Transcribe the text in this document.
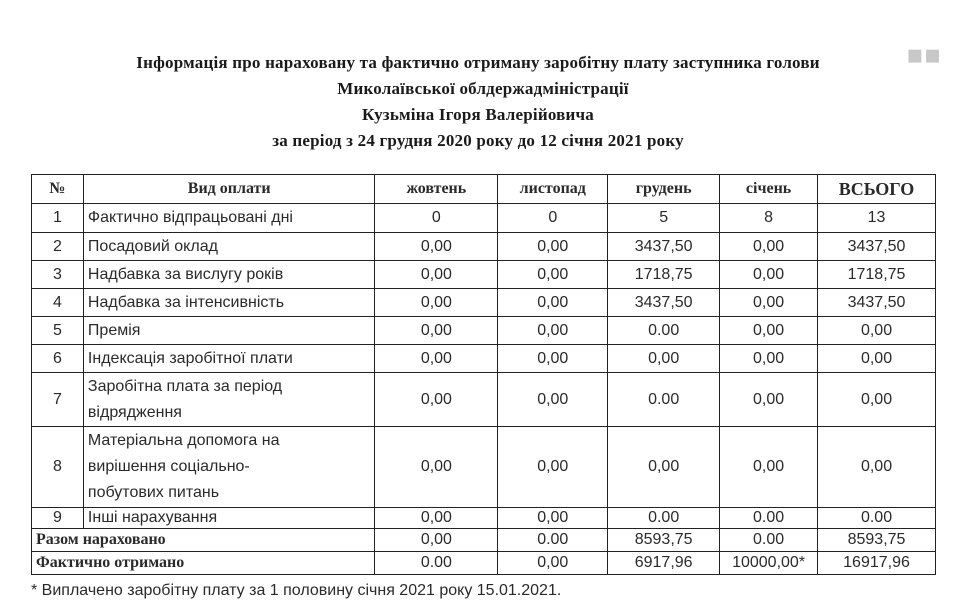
▪▪
Інформація про нараховану та фактично отриману заробітну плату заступника голови
Миколаївської облдержадміністрації
Кузьміна Ігоря Валерійовича
за період з 24 грудня 2020 року до 12 січня 2021 року
№	Вид оплати	жовтень	листопад	грудень	січень	ВСЬОГО
1	Фактично відпрацьовані дні	0	0	5	8	13
2	Посадовий оклад	0,00	0,00	3437,50	0,00	3437,50
3	Надбавка за вислугу років	0,00	0,00	1718,75	0,00	1718,75
4	Надбавка за інтенсивність	0,00	0,00	3437,50	0,00	3437,50
5	Премія	0,00	0,00	0.00	0,00	0,00
6	Індексація заробітної плати	0,00	0,00	0,00	0,00	0,00
7	Заробітна плата за період
відрядження	0,00	0,00	0.00	0,00	0,00
8	Матеріальна допомога на
вирішення соціально-
побутових питань	0,00	0,00	0,00	0,00	0,00
9	Інші нарахування	0,00	0,00	0.00	0.00	0.00
Разом нараховано		0,00	0.00	8593,75	0.00	8593,75
Фактично отримано		0.00	0,00	6917,96	10000,00*	16917,96
* Виплачено заробітну плату за 1 половину січня 2021 року 15.01.2021.
